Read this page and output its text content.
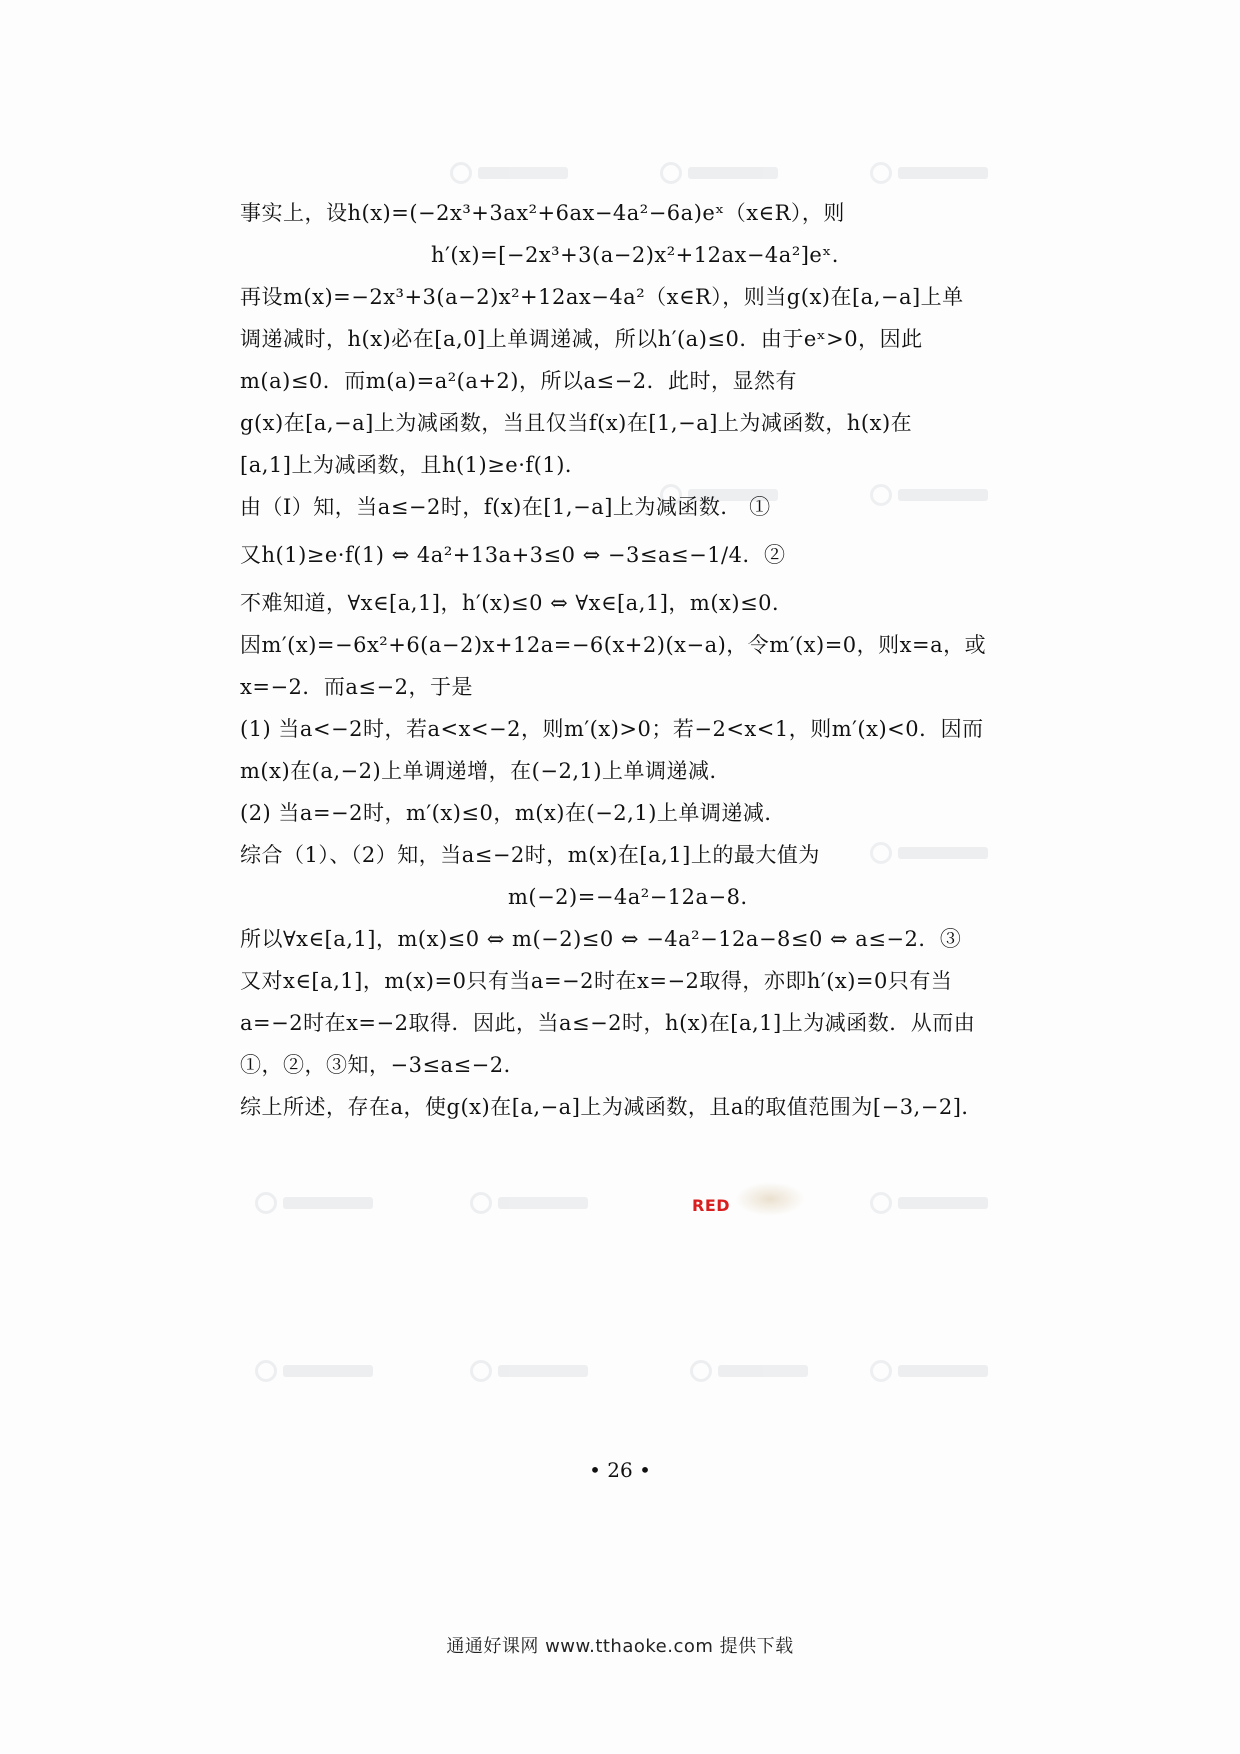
事实上，设h(x)=(−2x³+3ax²+6ax−4a²−6a)eˣ（x∈R），则
h′(x)=[−2x³+3(a−2)x²+12ax−4a²]eˣ.
再设m(x)=−2x³+3(a−2)x²+12ax−4a²（x∈R），则当g(x)在[a,−a]上单
调递减时，h(x)必在[a,0]上单调递减，所以h′(a)≤0．由于eˣ>0，因此
m(a)≤0．而m(a)=a²(a+2)，所以a≤−2．此时，显然有
g(x)在[a,−a]上为减函数，当且仅当f(x)在[1,−a]上为减函数，h(x)在
[a,1]上为减函数，且h(1)≥e·f(1)．
由（Ⅰ）知，当a≤−2时，f(x)在[1,−a]上为减函数． ①
又h(1)≥e·f(1) ⇔ 4a²+13a+3≤0 ⇔ −3≤a≤−1/4．②
不难知道，∀x∈[a,1]，h′(x)≤0 ⇔ ∀x∈[a,1]，m(x)≤0．
因m′(x)=−6x²+6(a−2)x+12a=−6(x+2)(x−a)，令m′(x)=0，则x=a，或
x=−2．而a≤−2，于是
(1) 当a<−2时，若a<x<−2，则m′(x)>0；若−2<x<1，则m′(x)<0．因而
m(x)在(a,−2)上单调递增，在(−2,1)上单调递减．
(2) 当a=−2时，m′(x)≤0，m(x)在(−2,1)上单调递减．
综合（1）、（2）知，当a≤−2时，m(x)在[a,1]上的最大值为
m(−2)=−4a²−12a−8．
所以∀x∈[a,1]，m(x)≤0 ⇔ m(−2)≤0 ⇔ −4a²−12a−8≤0 ⇔ a≤−2．③
又对x∈[a,1]，m(x)=0只有当a=−2时在x=−2取得，亦即h′(x)=0只有当
a=−2时在x=−2取得．因此，当a≤−2时，h(x)在[a,1]上为减函数．从而由
①，②，③知，−3≤a≤−2．
综上所述，存在a，使g(x)在[a,−a]上为减函数，且a的取值范围为[−3,−2]．
RED
• 26 •
通通好课网 www.tthaoke.com 提供下载
